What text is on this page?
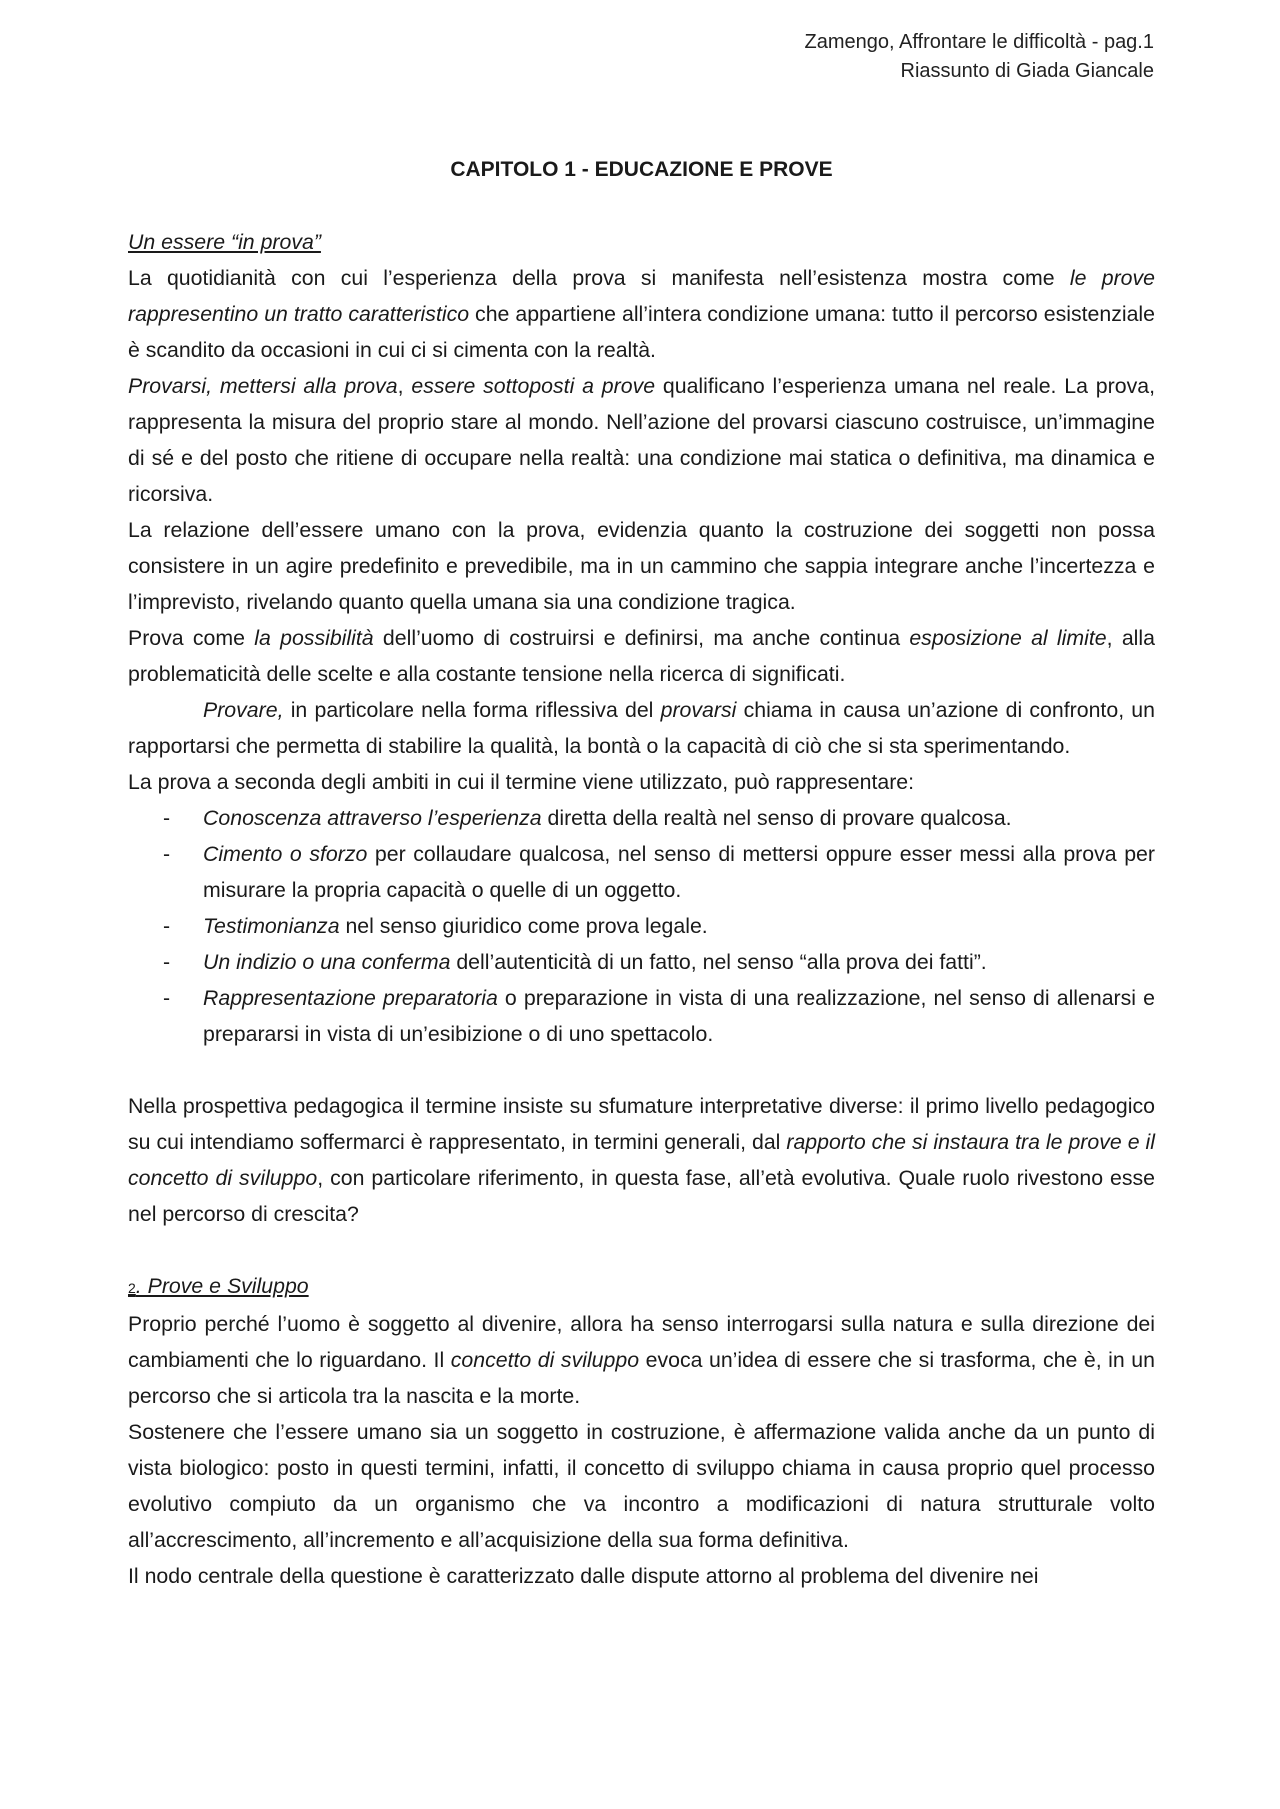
Zamengo, Affrontare le difficoltà - pag.1
Riassunto di Giada Giancale
CAPITOLO 1 - EDUCAZIONE E PROVE
Un essere “in prova”

La quotidianità con cui l’esperienza della prova si manifesta nell’esistenza mostra come le prove rappresentino un tratto caratteristico che appartiene all’intera condizione umana: tutto il percorso esistenziale è scandito da occasioni in cui ci si cimenta con la realtà.

Provarsi, mettersi alla prova, essere sottoposti a prove qualificano l’esperienza umana nel reale. La prova, rappresenta la misura del proprio stare al mondo. Nell’azione del provarsi ciascuno costruisce, un’immagine di sé e del posto che ritiene di occupare nella realtà: una condizione mai statica o definitiva, ma dinamica e ricorsiva.

La relazione dell’essere umano con la prova, evidenzia quanto la costruzione dei soggetti non possa consistere in un agire predefinito e prevedibile, ma in un cammino che sappia integrare anche l’incertezza e l’imprevisto, rivelando quanto quella umana sia una condizione tragica.

Prova come la possibilità dell’uomo di costruirsi e definirsi, ma anche continua esposizione al limite, alla problematicità delle scelte e alla costante tensione nella ricerca di significati.

Provare, in particolare nella forma riflessiva del provarsi chiama in causa un’azione di confronto, un rapportarsi che permetta di stabilire la qualità, la bontà o la capacità di ciò che si sta sperimentando.

La prova a seconda degli ambiti in cui il termine viene utilizzato, può rappresentare:

- Conoscenza attraverso l’esperienza diretta della realtà nel senso di provare qualcosa.
- Cimento o sforzo per collaudare qualcosa, nel senso di mettersi oppure esser messi alla prova per misurare la propria capacità o quelle di un oggetto.
- Testimonianza nel senso giuridico come prova legale.
- Un indizio o una conferma dell’autenticità di un fatto, nel senso “alla prova dei fatti”.
- Rappresentazione preparatoria o preparazione in vista di una realizzazione, nel senso di allenarsi e prepararsi in vista di un’esibizione o di uno spettacolo.

Nella prospettiva pedagogica il termine insiste su sfumature interpretative diverse: il primo livello pedagogico su cui intendiamo soffermarci è rappresentato, in termini generali, dal rapporto che si instaura tra le prove e il concetto di sviluppo, con particolare riferimento, in questa fase, all’età evolutiva. Quale ruolo rivestono esse nel percorso di crescita?

2. Prove e Sviluppo

Proprio perché l’uomo è soggetto al divenire, allora ha senso interrogarsi sulla natura e sulla direzione dei cambiamenti che lo riguardano. Il concetto di sviluppo evoca un’idea di essere che si trasforma, che è, in un percorso che si articola tra la nascita e la morte.

Sostenere che l’essere umano sia un soggetto in costruzione, è affermazione valida anche da un punto di vista biologico: posto in questi termini, infatti, il concetto di sviluppo chiama in causa proprio quel processo evolutivo compiuto da un organismo che va incontro a modificazioni di natura strutturale volto all’accrescimento, all’incremento e all’acquisizione della sua forma definitiva.

Il nodo centrale della questione è caratterizzato dalle dispute attorno al problema del divenire nei
